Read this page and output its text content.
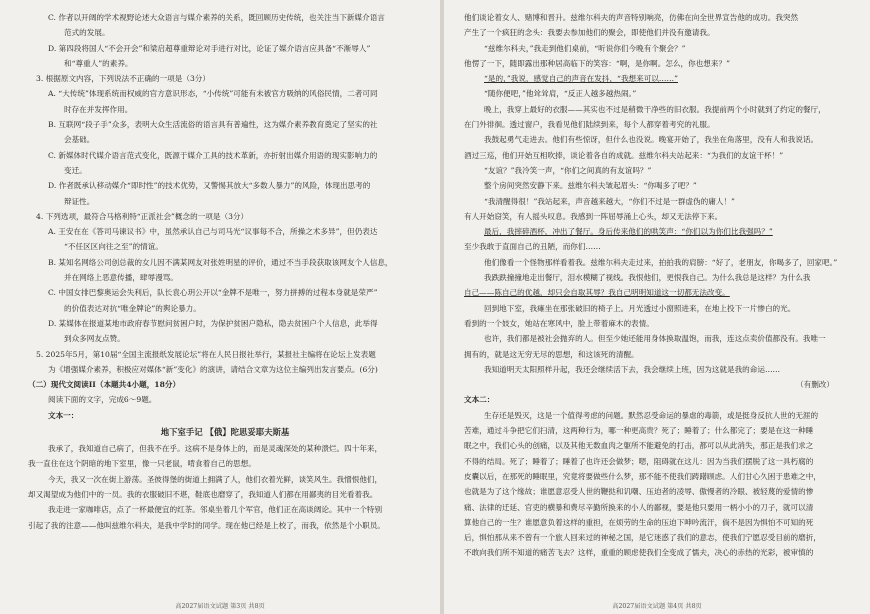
C. 作者以开阔的学术视野论述大众语言与媒介素养的关系，既回顾历史传统，也关注当下新媒介语言

范式的发展。

D. 第四段将国人“不会开会”和梁启超尊重辩论对手进行对比，论证了媒介语言应具备“不渐辱人”

和“尊重人”的素养。

3. 根据原文内容，下列说法不正确的一项是（3分）

A. “大传统”体现系统而权威的官方意识形态，“小传统”可能有未被官方吸纳的风俗民情，二者可同

时存在并发挥作用。

B. 互联网“段子手”众多，表明大众生活流俗的语言具有普遍性，这为媒介素养教育奠定了坚实的社

会基础。

C. 新媒体时代媒介语言范式变化，既源于媒介工具的技术革新，亦折射出媒介用语的现实影响力的

变迁。

D. 作者既承认移动媒介“即时性”的技术优势，又警惕其放大“多数人暴力”的风险，体现出思考的

辩证性。

4. 下列选项，最符合马格利特“正派社会”概念的一项是（3分）

A. 王安在在《答司马谏议书》中，虽然承认自己与司马光“议事每不合，所操之术多异”，但仍表达

“不任区区向往之至”的情谊。

B. 某知名网络公司创总裁的女儿因不满某网友对张姓明星的评价，通过不当手段获取该网友个人信息，

并在网络上恶意传播，肆辱漫骂。

C. 中国女排巴黎奥运会失利后，队长袁心玥公开以“金牌不是唯一，努力拼搏的过程本身就是荣严”

的价值表达对抗“唯金牌论”的舆论暴力。

D. 某媒体在报道某地市政府春节慰问贫困户时，为保护贫困户隐私，隐去贫困户个人信息，此举得

到众多网友点赞。

5. 2025年5月，第10届“全国主流报纸发展论坛”将在人民日报社举行，某报社主编将在论坛上发表题

为《增强媒介素养，积极应对媒体“新”变化》的演讲，请结合文章为这位主编列出发言要点。(6分)

（二）现代文阅读II（本题共4小题，18分）

阅读下面的文字，完成6～9题。

文本一：

地下室手记 【俄】陀思妥耶夫斯基

我承了，我知道自己病了，但我不在乎。这病不是身体上的，而是灵魂深处的某种溃烂。四十年来，

我一直住在这个阴暗的地下室里，像一只老鼠，啃食着自己的思想。

今天，我又一次在街上游荡。圣彼得堡的街道上拥满了人，他们衣着光鲜，谈笑风生。我憎恨他们，

却又渴望成为他们中的一员。我的衣服破旧不堪，鞋底也磨穿了，我知道人们都在用鄙夷的目光看着我。

我走进一家咖啡店，点了一杯最便宜的红茶。邻桌坐着几个军官，他们正在高谈阔论。其中一个特别

引起了我的注意——他叫兹维尔科夫，是我中学时的同学。现在他已经是上校了，而我，依然是个小职员。

高2027届语文试题 第3页 共8页

他们谈论着女人、赌博和晋升。兹维尔科夫的声音特别响亮，仿佛在向全世界宣告他的成功。我突然

产生了一个疯狂的念头：我要去参加他们的聚会，即使他们并没有邀请我。

“兹维尔科夫，”我走到他们桌前，“听说你们今晚有个聚会？”

他愣了一下，随即露出那种居高临下的笑容：“啊，是你啊。怎么，你也想来？”

“是的，”我说，感觉自己的声音在发抖，“我想来可以……”

“随你便吧，”他耸耸肩，“反正人越多越热闹。”

晚上，我穿上最好的衣服——其实也不过是稍微干净些的旧衣服。我提前两个小时就到了约定的餐厅，

在门外徘徊。透过窗户，我看见他们陆续到来，每个人都穿着考究的礼服。

我鼓起勇气走进去。他们有些惊讶，但什么也没说。晚宴开始了，我坐在角落里，没有人和我说话。

酒过三巡，他们开始互相吹捧，谈论着各自的成就。兹维尔科夫站起来：“为我们的友谊干杯！”

“友谊？”我冷笑一声，“你们之间真的有友谊吗？”

整个房间突然安静下来。兹维尔科夫皱起眉头：“你喝多了吧？”

“我清醒得很！”我站起来，声音越来越大，“你们不过是一群虚伪的庸人！”

有人开始窃笑，有人摇头叹息。我感到一阵屈辱涌上心头，却又无法停下来。

最后，我摔碎酒杯，冲出了餐厅。身后传来他们的哄笑声：“你们以为你们比我强吗？”

至少我敢于直面自己的丑陋，而你们……

他们像看一个怪物那样看着我。兹维尔科夫走过来，拍拍我的肩膀：“好了，老朋友，你喝多了，回家吧。”

我跌跌撞撞地走出餐厅，泪水模糊了视线。我恨他们，更恨我自己。为什么我总是这样？为什么我

自己——陈自己的优越，却只会自取其辱？我自己明明知道这一切都无法改变。

回到地下室，我瘫坐在那张破旧的椅子上。月光透过小窗照进来，在地上投下一片惨白的光。

看到的一个妓女，她站在寒风中，脸上带着麻木的表情。

也许，我们都是被社会抛弃的人。但至少她还能用身体换取温饱，而我，连这点卖价值都没有。我唯一

拥有的，就是这无穷无尽的思想，和这该死的清醒。

我知道明天太阳照样升起，我还会继续活下去，我会继续上班，因为这就是我的命运……

（有删改）
文本二：

生存还是毁灭，这是一个值得考虑的问题。默然忍受命运的暴虐的毒箭，或是挺身反抗人世的无涯的

苦难，通过斗争把它们扫清，这两种行为，哪一种更高贵？死了；睡着了；什么都完了；要是在这一种睡

眠之中，我们心头的创痛，以及其他无数血肉之躯所不能避免的打击，都可以从此消失，那正是我们求之

不得的结局。死了；睡着了；睡着了也许还会做梦；嗯，阻碍就在这儿：因为当我们摆脱了这一具朽腐的

皮囊以后，在那死的睡眠里，究竟将要做些什么梦，那不能不使我们踌躇顾虑。人们甘心久困于患难之中，

也就是为了这个缘故；谁愿意忍受人世的鞭挞和讥嘲、压迫者的凌辱、傲慢者的冷眼、被轻蔑的爱情的惨

痛、法律的迁延、官吏的横暴和费尽辛勤所换来的小人的鄙视，要是他只要用一柄小小的刀子，就可以清

算他自己的一生？谁愿意负着这样的重担，在烦劳的生命的压迫下呻吟流汗，倘不是因为惧怕不可知的死

后，惧怕那从来不曾有一个旅人回来过的神秘之国，是它迷惑了我们的意志，使我们宁愿忍受目前的磨折，

不敢向我们所不知道的痛苦飞去？这样，重重的顾虑使我们全变成了懦夫，决心的赤热的光彩，被审慎的

高2027届语文试题 第4页 共8页
